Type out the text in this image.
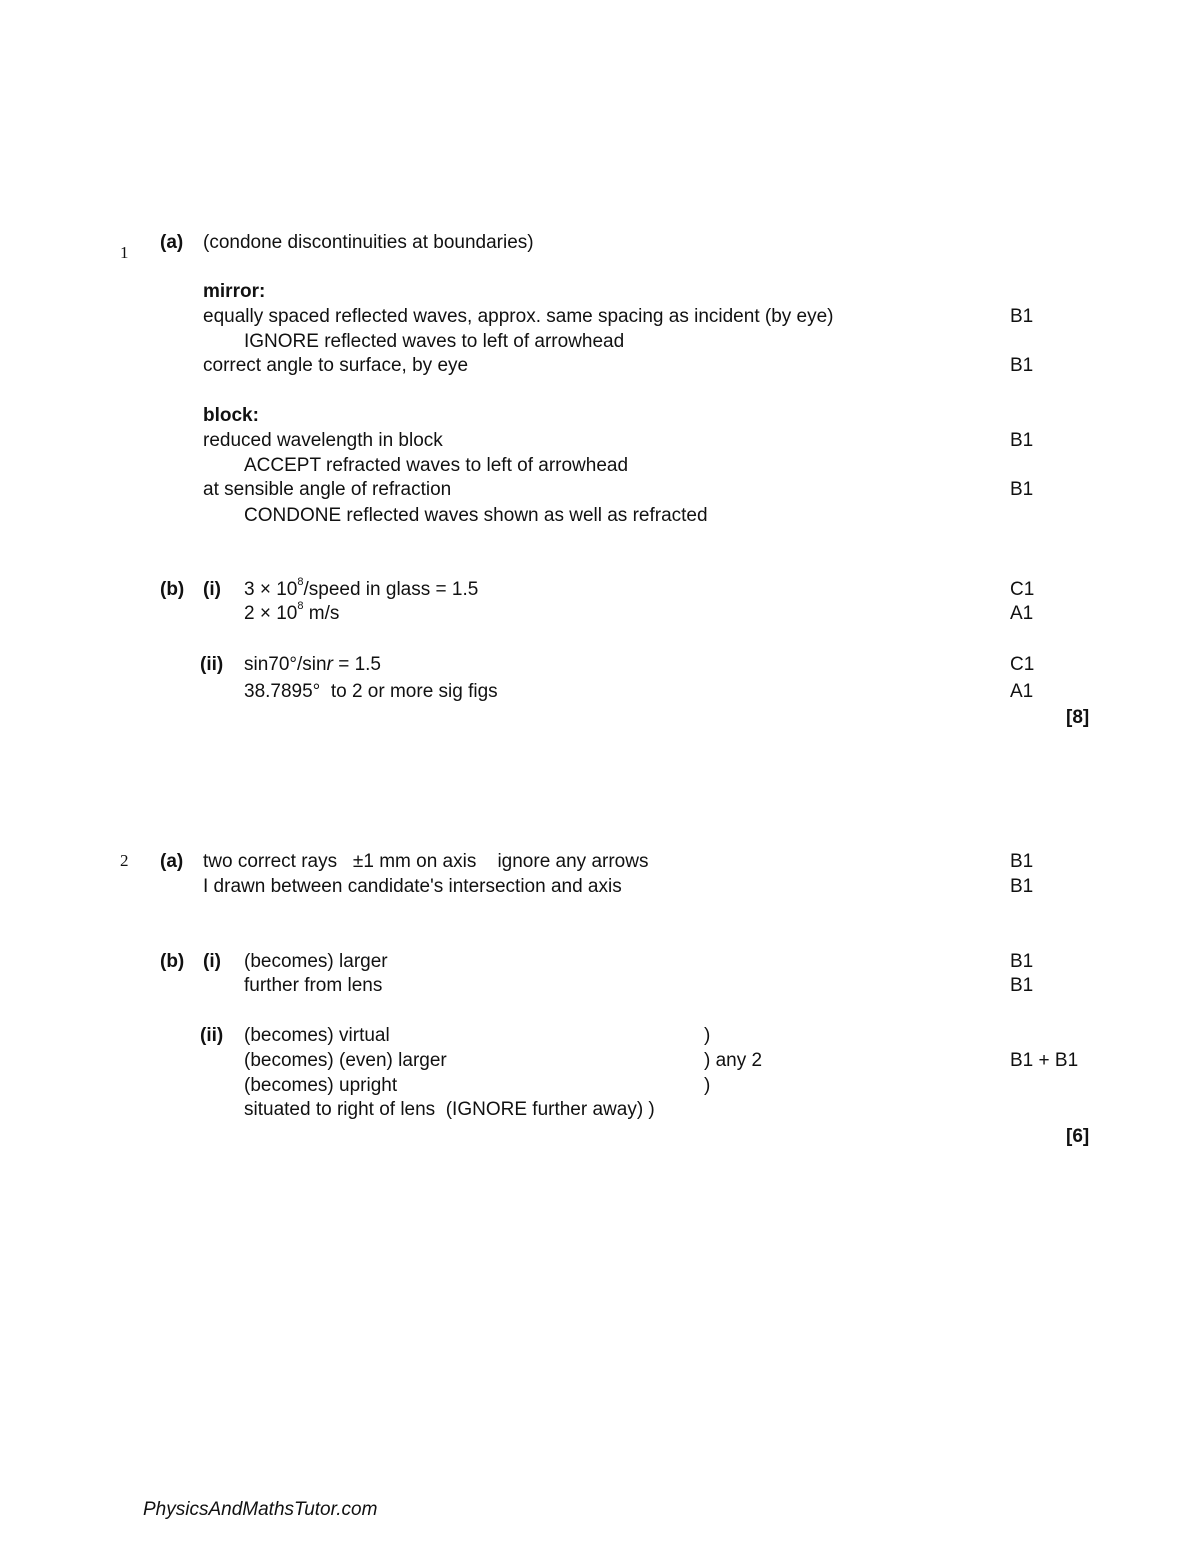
1 (a) (condone discontinuities at boundaries)
mirror:
equally spaced reflected waves, approx. same spacing as incident (by eye)	B1
IGNORE reflected waves to left of arrowhead
correct angle to surface, by eye	B1
block:
reduced wavelength in block	B1
ACCEPT refracted waves to left of arrowhead
at sensible angle of refraction	B1
CONDONE reflected waves shown as well as refracted
(b) (i) $3 \times 10^8$/speed in glass = 1.5	C1
$2 \times 10^8$ m/s	A1
(ii) sin70°/sinr = 1.5	C1
38.7895°  to 2 or more sig figs	A1
[8]
2 (a) two correct rays   ±1 mm on axis    ignore any arrows	B1
I drawn between candidate's intersection and axis	B1
(b) (i) (becomes) larger	B1
further from lens	B1
(ii) (becomes) virtual	)
(becomes) (even) larger	) any 2	B1 + B1
(becomes) upright	)
situated to right of lens  (IGNORE further away) )
[6]
PhysicsAndMathsTutor.com
